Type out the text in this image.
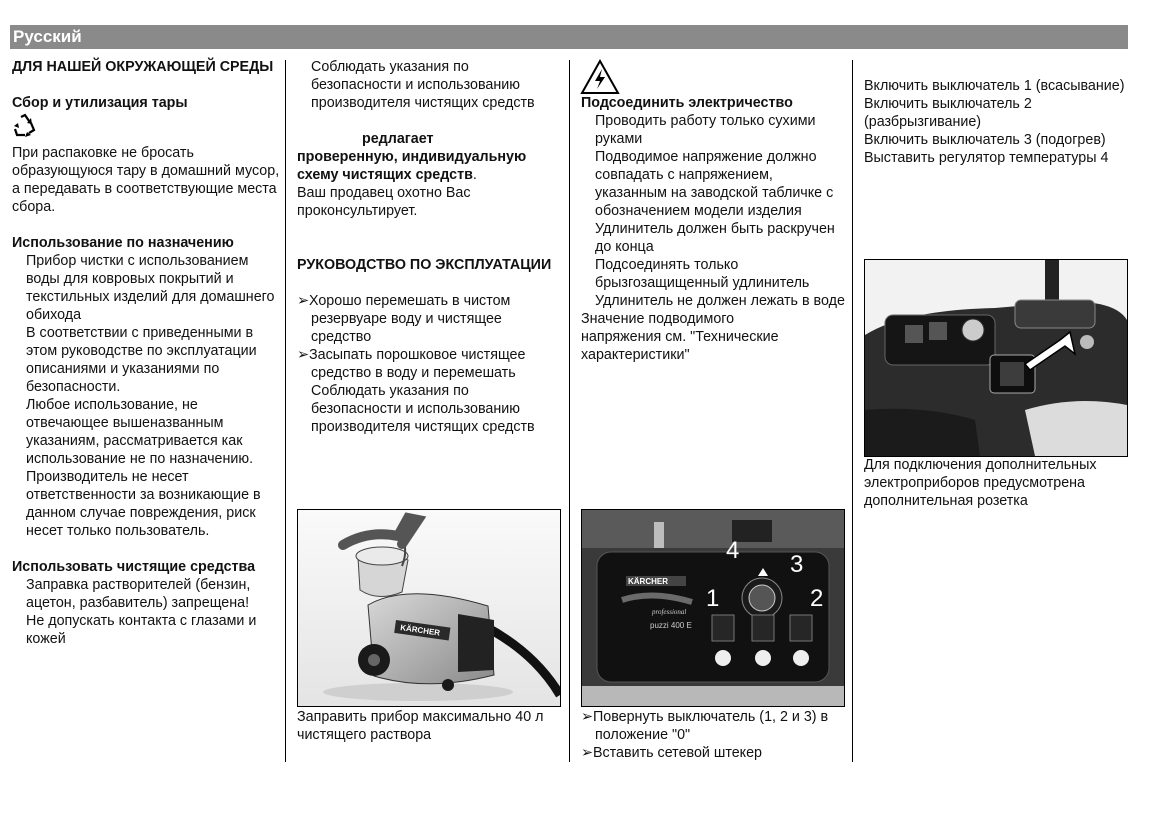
Русский

ДЛЯ НАШЕЙ ОКРУЖАЮЩЕЙ СРЕДЫ

Сбор и утилизация тары

При распаковке не бросать образующуюся тару в домашний мусор, а передавать в соответствующие места сбора.

Использование по назначению

Прибор чистки с использованием воды для ковровых покрытий и текстильных изделий для домашнего обихода

В соответствии с приведенными в этом руководстве по эксплуатации описаниями и указаниями по безопасности.

Любое использование, не отвечающее вышеназванным указаниям, рассматривается как использование не по назначению. Производитель не несет ответственности за возникающие в данном случае повреждения, риск несет только пользователь.

Использовать чистящие средства

Заправка растворителей (бензин, ацетон, разбавитель) запрещена!

Не допускать контакта с глазами и кожей

Соблюдать указания по безопасности и использованию производителя чистящих средств

редлагает

проверенную, индивидуальную схему чистящих средств.

Ваш продавец охотно Вас проконсультирует.

РУКОВОДСТВО ПО ЭКСПЛУАТАЦИИ

➢Хорошо перемешать в чистом резервуаре воду и чистящее средство

➢Засыпать порошковое чистящее средство в воду и перемешать

Соблюдать указания по безопасности и использованию производителя чистящих средств

KÄRCHER

Заправить прибор максимально 40 л чистящего раствора

Подсоединить электричество

Проводить работу только сухими руками

Подводимое напряжение должно совпадать с напряжением, указанным на заводской табличке с обозначением модели изделия

Удлинитель должен быть раскручен до конца

Подсоединять только брызгозащищенный удлинитель

Удлинитель не должен лежать в воде

Значение подводимого напряжения см. "Технические характеристики"

KÄRCHER
professional
puzzi 400 E
1	2
3
4

➢Повернуть выключатель (1, 2 и 3) в положение "0"

➢Вставить сетевой штекер

Включить выключатель 1 (всасывание)

Включить выключатель 2 (разбрызгивание)

Включить выключатель 3 (подогрев)

Выставить регулятор температуры 4

Для подключения дополнительных электроприборов предусмотрена дополнительная розетка
